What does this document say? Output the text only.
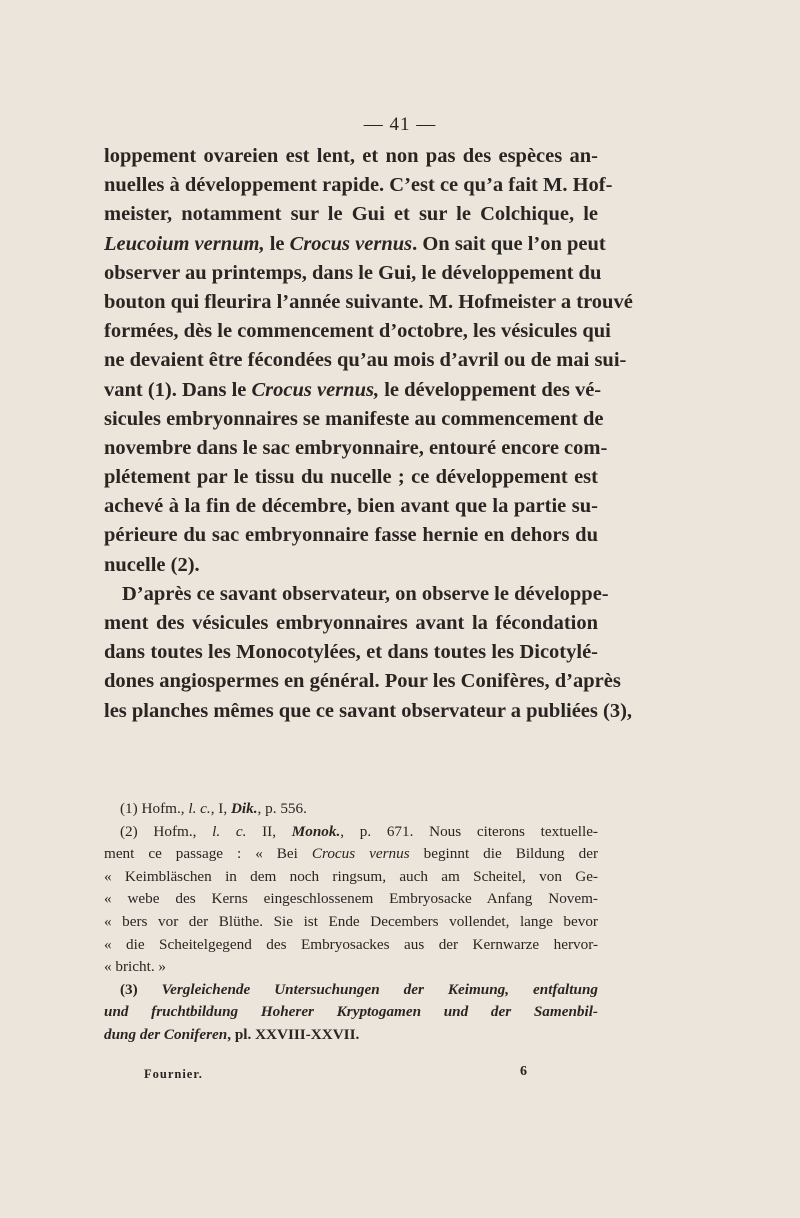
— 41 —
loppement ovareien est lent, et non pas des espèces an-
nuelles à développement rapide. C’est ce qu’a fait M. Hof-
meister, notamment sur le Gui et sur le Colchique, le
Leucoium vernum, le Crocus vernus. On sait que l’on peut
observer au printemps, dans le Gui, le développement du
bouton qui fleurira l’année suivante. M. Hofmeister a trouvé
formées, dès le commencement d’octobre, les vésicules qui
ne devaient être fécondées qu’au mois d’avril ou de mai sui-
vant (1). Dans le Crocus vernus, le développement des vé-
sicules embryonnaires se manifeste au commencement de
novembre dans le sac embryonnaire, entouré encore com-
plétement par le tissu du nucelle ; ce développement est
achevé à la fin de décembre, bien avant que la partie su-
périeure du sac embryonnaire fasse hernie en dehors du
nucelle (2).
D’après ce savant observateur, on observe le développe-
ment des vésicules embryonnaires avant la fécondation
dans toutes les Monocotylées, et dans toutes les Dicotylé-
dones angiospermes en général. Pour les Conifères, d’après
les planches mêmes que ce savant observateur a publiées (3),
(1) Hofm., l. c., I, Dik., p. 556.
(2) Hofm., l. c. II, Monok., p. 671. Nous citerons textuelle-
ment ce passage : « Bei Crocus vernus beginnt die Bildung der
« Keimbläschen in dem noch ringsum, auch am Scheitel, von Ge-
« webe des Kerns eingeschlossenem Embryosacke Anfang Novem-
« bers vor der Blüthe. Sie ist Ende Decembers vollendet, lange bevor
« die Scheitelgegend des Embryosackes aus der Kernwarze hervor-
« bricht. »
(3) Vergleichende Untersuchungen der Keimung, entfaltung
und fruchtbildung Hoherer Kryptogamen und der Samenbil-
dung der Coniferen, pl. XXVIII-XXVII.
Fournier.	6
